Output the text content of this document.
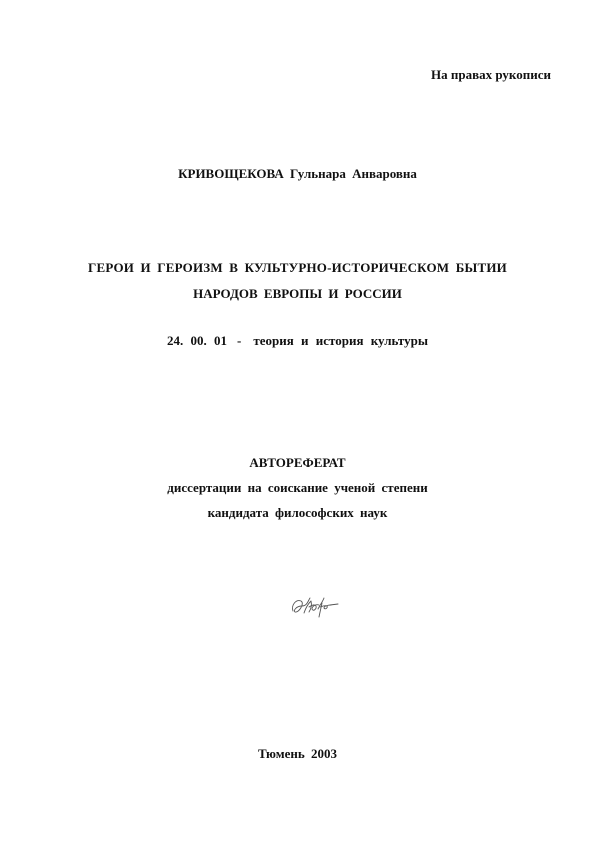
На правах рукописи
КРИВОЩЕКОВА Гульнара Анваровна
ГЕРОИ И ГЕРОИЗМ В КУЛЬТУРНО-ИСТОРИЧЕСКОМ БЫТИИ
НАРОДОВ ЕВРОПЫ И РОССИИ
24. 00. 01 - теория и история культуры
АВТОРЕФЕРАТ
диссертации на соискание ученой степени
кандидата философских наук
Тюмень 2003
